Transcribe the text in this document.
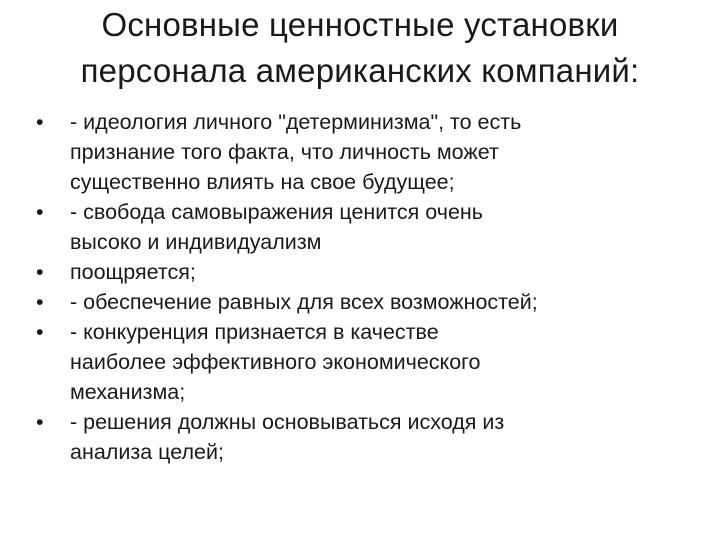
Основные ценностные установки
персонала американских компаний:
•	- идеология личного "детерминизма", то есть
признание того факта, что личность может
существенно влиять на свое будущее;
•	- свобода самовыражения ценится очень
высоко и индивидуализм
•	поощряется;
•	- обеспечение равных для всех возможностей;
•	- конкуренция признается в качестве
наиболее эффективного экономического
механизма;
•	- решения должны основываться исходя из
анализа целей;
